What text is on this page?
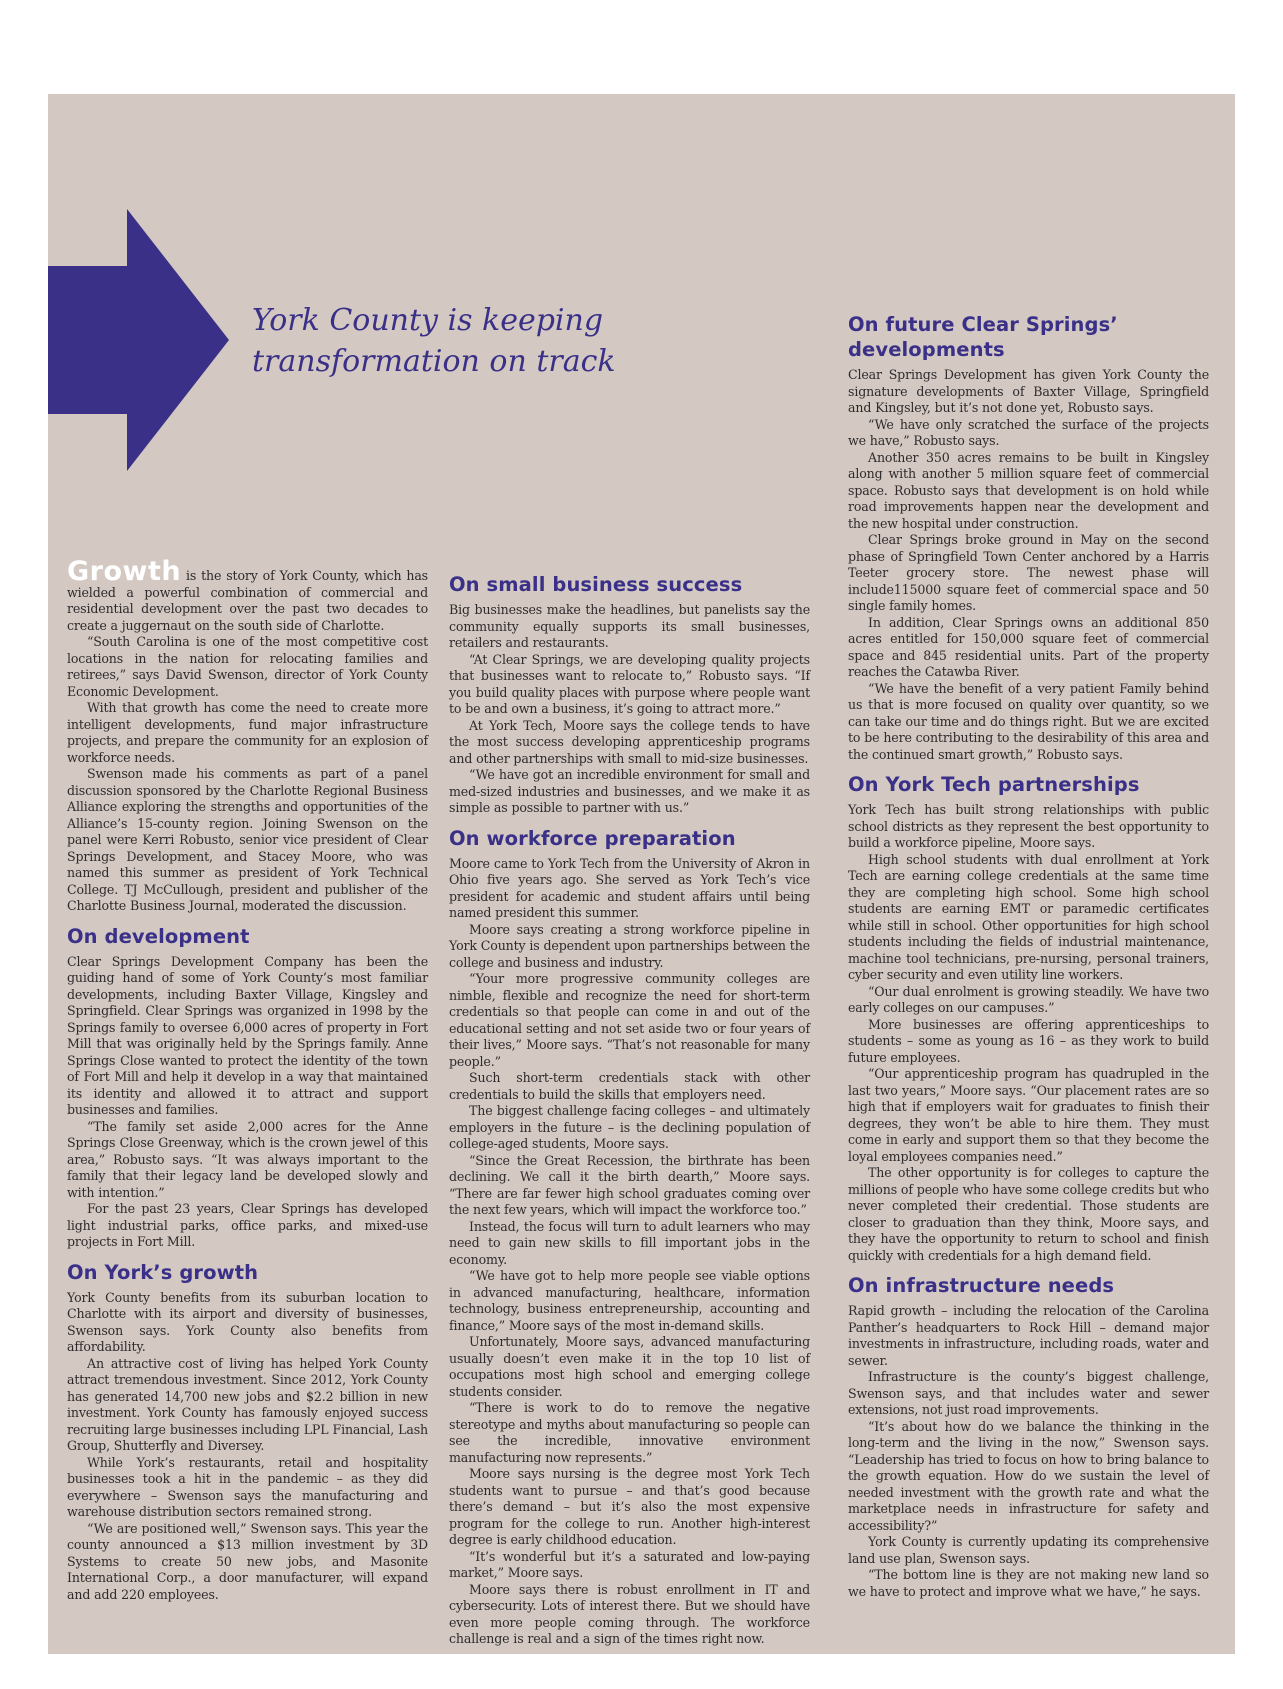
York County is keeping transformation on track

Growth is the story of York County, which has wielded a powerful combination of commercial and residential development over the past two decades to create a juggernaut on the south side of Charlotte.

“South Carolina is one of the most competitive cost locations in the nation for relocating families and retirees,” says David Swenson, director of York County Economic Development.

With that growth has come the need to create more intelligent developments, fund major infrastructure projects, and prepare the community for an explosion of workforce needs.

Swenson made his comments as part of a panel discussion sponsored by the Charlotte Regional Business Alliance exploring the strengths and opportunities of the Alliance’s 15-county region. Joining Swenson on the panel were Kerri Robusto, senior vice president of Clear Springs Development, and Stacey Moore, who was named this summer as president of York Technical College. TJ McCullough, president and publisher of the Charlotte Business Journal, moderated the discussion.

On development

Clear Springs Development Company has been the guiding hand of some of York County’s most familiar developments, including Baxter Village, Kingsley and Springfield. Clear Springs was organized in 1998 by the Springs family to oversee 6,000 acres of property in Fort Mill that was originally held by the Springs family. Anne Springs Close wanted to protect the identity of the town of Fort Mill and help it develop in a way that maintained its identity and allowed it to attract and support businesses and families.

“The family set aside 2,000 acres for the Anne Springs Close Greenway, which is the crown jewel of this area,” Robusto says. “It was always important to the family that their legacy land be developed slowly and with intention.”

For the past 23 years, Clear Springs has developed light industrial parks, office parks, and mixed-use projects in Fort Mill.

On York’s growth

York County benefits from its suburban location to Charlotte with its airport and diversity of businesses, Swenson says. York County also benefits from affordability.

An attractive cost of living has helped York County attract tremendous investment. Since 2012, York County has generated 14,700 new jobs and $2.2 billion in new investment. York County has famously enjoyed success recruiting large businesses including LPL Financial, Lash Group, Shutterfly and Diversey.

While York’s restaurants, retail and hospitality businesses took a hit in the pandemic – as they did everywhere – Swenson says the manufacturing and warehouse distribution sectors remained strong.

“We are positioned well,” Swenson says. This year the county announced a $13 million investment by 3D Systems to create 50 new jobs, and Masonite International Corp., a door manufacturer, will expand and add 220 employees.

On small business success

Big businesses make the headlines, but panelists say the community equally supports its small businesses, retailers and restaurants.

“At Clear Springs, we are developing quality projects that businesses want to relocate to,” Robusto says. “If you build quality places with purpose where people want to be and own a business, it’s going to attract more.”

At York Tech, Moore says the college tends to have the most success developing apprenticeship programs and other partnerships with small to mid-size businesses.

“We have got an incredible environment for small and med-sized industries and businesses, and we make it as simple as possible to partner with us.”

On workforce preparation

Moore came to York Tech from the University of Akron in Ohio five years ago. She served as York Tech’s vice president for academic and student affairs until being named president this summer.

Moore says creating a strong workforce pipeline in York County is dependent upon partnerships between the college and business and industry.

“Your more progressive community colleges are nimble, flexible and recognize the need for short-term credentials so that people can come in and out of the educational setting and not set aside two or four years of their lives,” Moore says. “That’s not reasonable for many people.”

Such short-term credentials stack with other credentials to build the skills that employers need.

The biggest challenge facing colleges – and ultimately employers in the future – is the declining population of college-aged students, Moore says.

“Since the Great Recession, the birthrate has been declining. We call it the birth dearth,” Moore says. “There are far fewer high school graduates coming over the next few years, which will impact the workforce too.”

Instead, the focus will turn to adult learners who may need to gain new skills to fill important jobs in the economy.

“We have got to help more people see viable options in advanced manufacturing, healthcare, information technology, business entrepreneurship, accounting and finance,” Moore says of the most in-demand skills.

Unfortunately, Moore says, advanced manufacturing usually doesn’t even make it in the top 10 list of occupations most high school and emerging college students consider.

“There is work to do to remove the negative stereotype and myths about manufacturing so people can see the incredible, innovative environment manufacturing now represents.”

Moore says nursing is the degree most York Tech students want to pursue – and that’s good because there’s demand – but it’s also the most expensive program for the college to run. Another high-interest degree is early childhood education.

“It’s wonderful but it’s a saturated and low-paying market,” Moore says.

Moore says there is robust enrollment in IT and cybersecurity. Lots of interest there. But we should have even more people coming through. The workforce challenge is real and a sign of the times right now.

On future Clear Springs’ developments

Clear Springs Development has given York County the signature developments of Baxter Village, Springfield and Kingsley, but it’s not done yet, Robusto says.

“We have only scratched the surface of the projects we have,” Robusto says.

Another 350 acres remains to be built in Kingsley along with another 5 million square feet of commercial space. Robusto says that development is on hold while road improvements happen near the development and the new hospital under construction.

Clear Springs broke ground in May on the second phase of Springfield Town Center anchored by a Harris Teeter grocery store. The newest phase will include115000 square feet of commercial space and 50 single family homes.

In addition, Clear Springs owns an additional 850 acres entitled for 150,000 square feet of commercial space and 845 residential units. Part of the property reaches the Catawba River.

“We have the benefit of a very patient Family behind us that is more focused on quality over quantity, so we can take our time and do things right. But we are excited to be here contributing to the desirability of this area and the continued smart growth,” Robusto says.

On York Tech partnerships

York Tech has built strong relationships with public school districts as they represent the best opportunity to build a workforce pipeline, Moore says.

High school students with dual enrollment at York Tech are earning college credentials at the same time they are completing high school. Some high school students are earning EMT or paramedic certificates while still in school. Other opportunities for high school students including the fields of industrial maintenance, machine tool technicians, pre-nursing, personal trainers, cyber security and even utility line workers.

“Our dual enrolment is growing steadily. We have two early colleges on our campuses.”

More businesses are offering apprenticeships to students – some as young as 16 – as they work to build future employees.

“Our apprenticeship program has quadrupled in the last two years,” Moore says. “Our placement rates are so high that if employers wait for graduates to finish their degrees, they won’t be able to hire them. They must come in early and support them so that they become the loyal employees companies need.”

The other opportunity is for colleges to capture the millions of people who have some college credits but who never completed their credential. Those students are closer to graduation than they think, Moore says, and they have the opportunity to return to school and finish quickly with credentials for a high demand field.

On infrastructure needs

Rapid growth – including the relocation of the Carolina Panther’s headquarters to Rock Hill – demand major investments in infrastructure, including roads, water and sewer.

Infrastructure is the county’s biggest challenge, Swenson says, and that includes water and sewer extensions, not just road improvements.

“It’s about how do we balance the thinking in the long-term and the living in the now,” Swenson says. “Leadership has tried to focus on how to bring balance to the growth equation. How do we sustain the level of needed investment with the growth rate and what the marketplace needs in infrastructure for safety and accessibility?”

York County is currently updating its comprehensive land use plan, Swenson says.

“The bottom line is they are not making new land so we have to protect and improve what we have,” he says.
